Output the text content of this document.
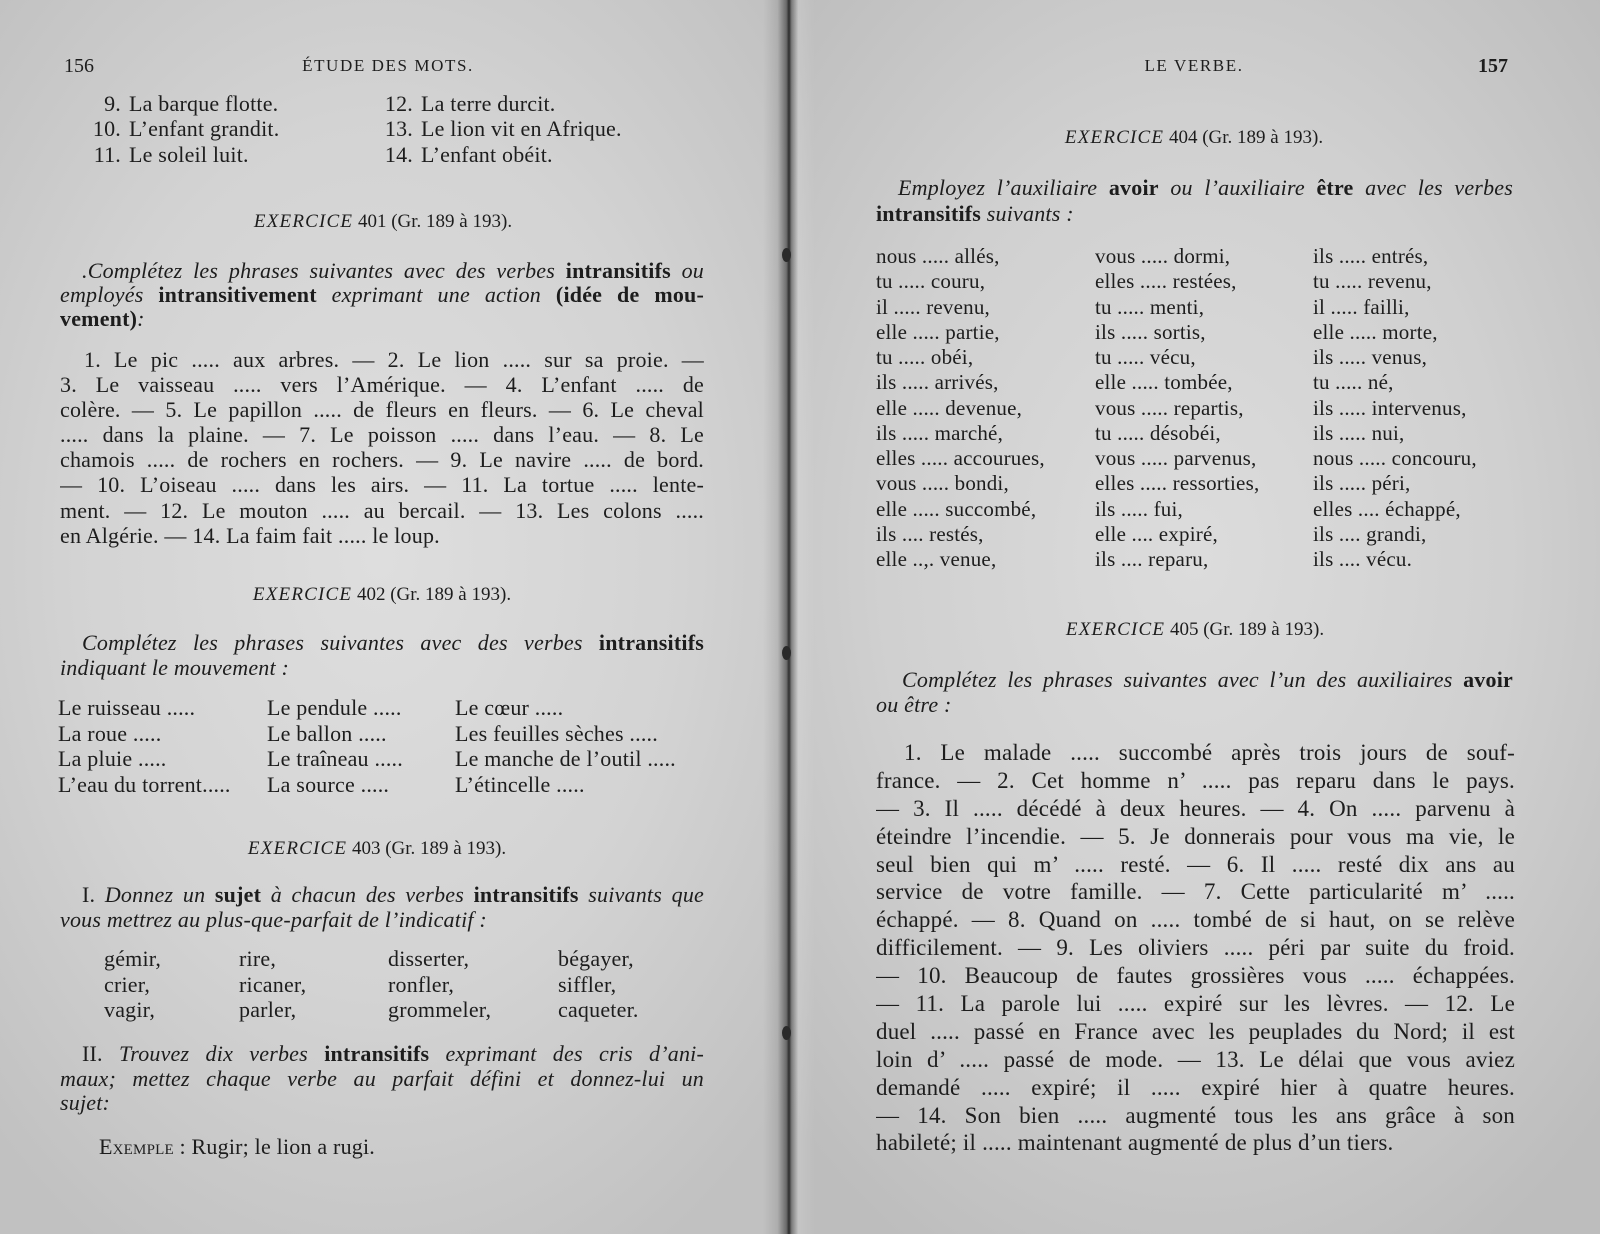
156	ÉTUDE DES MOTS.
9. La barque flotte.
10. L’enfant grandit.
11. Le soleil luit.
12. La terre durcit.
13. Le lion vit en Afrique.
14. L’enfant obéit.
EXERCICE 401 (Gr. 189 à 193).
.Complétez les phrases suivantes avec des verbes intransitifs ou
employés intransitivement exprimant une action (idée de mou-
vement):
1. Le pic ..... aux arbres. — 2. Le lion ..... sur sa proie. —
3. Le vaisseau ..... vers l’Amérique. — 4. L’enfant ..... de
colère. — 5. Le papillon ..... de fleurs en fleurs. — 6. Le cheval
..... dans la plaine. — 7. Le poisson ..... dans l’eau. — 8. Le
chamois ..... de rochers en rochers. — 9. Le navire ..... de bord.
— 10. L’oiseau ..... dans les airs. — 11. La tortue ..... lente-
ment. — 12. Le mouton ..... au bercail. — 13. Les colons .....
en Algérie. — 14. La faim fait ..... le loup.
EXERCICE 402 (Gr. 189 à 193).
Complétez les phrases suivantes avec des verbes intransitifs
indiquant le mouvement :
Le ruisseau .....	Le pendule .....	Le cœur .....
La roue .....	Le ballon .....	Les feuilles sèches .....
La pluie .....	Le traîneau .....	Le manche de l’outil .....
L’eau du torrent.....	La source .....	L’étincelle .....
EXERCICE 403 (Gr. 189 à 193).
I. Donnez un sujet à chacun des verbes intransitifs suivants que
vous mettrez au plus-que-parfait de l’indicatif :
gémir,	rire,	disserter,	bégayer,
crier,	ricaner,	ronfler,	siffler,
vagir,	parler,	grommeler,	caqueter.
II. Trouvez dix verbes intransitifs exprimant des cris d’ani-
maux; mettez chaque verbe au parfait défini et donnez-lui un
sujet:
Exemple : Rugir; le lion a rugi.
LE VERBE.	157
EXERCICE 404 (Gr. 189 à 193).
Employez l’auxiliaire avoir ou l’auxiliaire être avec les verbes
intransitifs suivants :
nous ..... allés,	vous ..... dormi,	ils ..... entrés,
tu ..... couru,	elles ..... restées,	tu ..... revenu,
il ..... revenu,	tu ..... menti,	il ..... failli,
elle ..... partie,	ils ..... sortis,	elle ..... morte,
tu ..... obéi,	tu ..... vécu,	ils ..... venus,
ils ..... arrivés,	elle ..... tombée,	tu ..... né,
elle ..... devenue,	vous ..... repartis,	ils ..... intervenus,
ils ..... marché,	tu ..... désobéi,	ils ..... nui,
elles ..... accourues,	vous ..... parvenus,	nous ..... concouru,
vous ..... bondi,	elles ..... ressorties,	ils ..... péri,
elle ..... succombé,	ils ..... fui,	elles .... échappé,
ils .... restés,	elle .... expiré,	ils .... grandi,
elle ..,. venue,	ils .... reparu,	ils .... vécu.
EXERCICE 405 (Gr. 189 à 193).
Complétez les phrases suivantes avec l’un des auxiliaires avoir
ou être :
1. Le malade ..... succombé après trois jours de souf-
france. — 2. Cet homme n’ ..... pas reparu dans le pays.
— 3. Il ..... décédé à deux heures. — 4. On ..... parvenu à
éteindre l’incendie. — 5. Je donnerais pour vous ma vie, le
seul bien qui m’ ..... resté. — 6. Il ..... resté dix ans au
service de votre famille. — 7. Cette particularité m’ .....
échappé. — 8. Quand on ..... tombé de si haut, on se relève
difficilement. — 9. Les oliviers ..... péri par suite du froid.
— 10. Beaucoup de fautes grossières vous ..... échappées.
— 11. La parole lui ..... expiré sur les lèvres. — 12. Le
duel ..... passé en France avec les peuplades du Nord; il est
loin d’ ..... passé de mode. — 13. Le délai que vous aviez
demandé ..... expiré; il ..... expiré hier à quatre heures.
— 14. Son bien ..... augmenté tous les ans grâce à son
habileté; il ..... maintenant augmenté de plus d’un tiers.
